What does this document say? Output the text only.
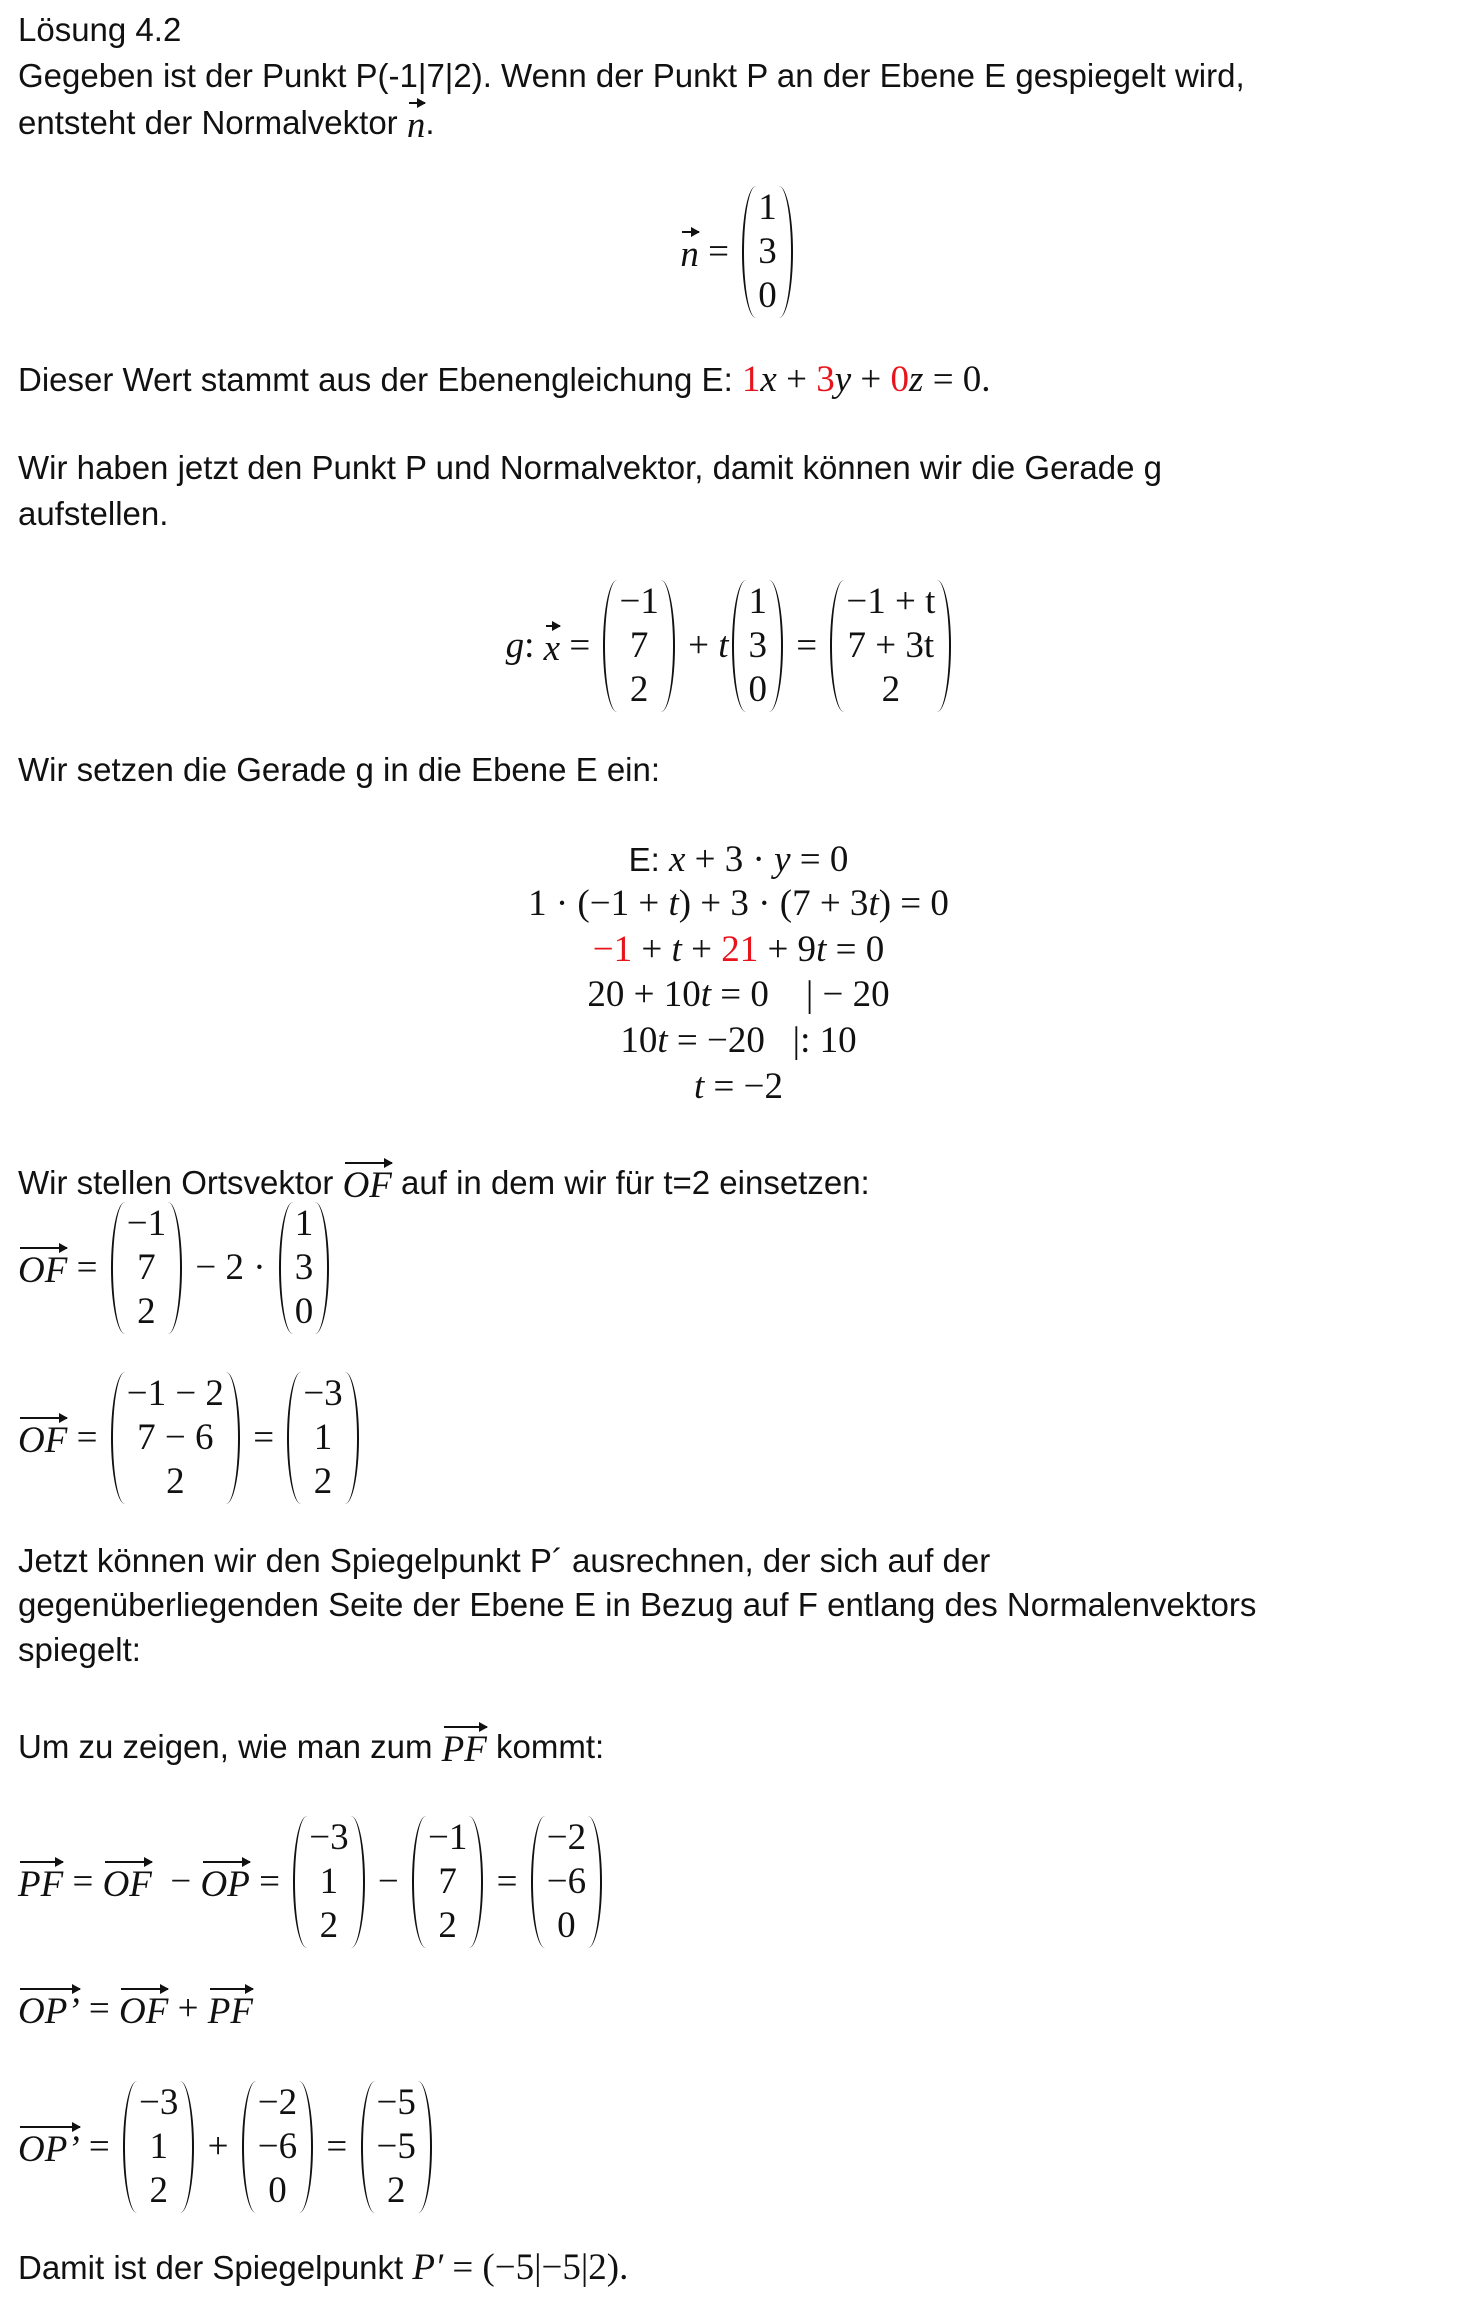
Lösung 4.2
Gegeben ist der Punkt P(-1|7|2). Wenn der Punkt P an der Ebene E gespiegelt wird,
entsteht der Normalvektor n .
n =
1
3
0
Dieser Wert stammt aus der Ebenengleichung E: 1 x + 3 y + 0 z = 0.
Wir haben jetzt den Punkt P und Normalvektor, damit können wir die Gerade g
aufstellen.
g : x =
−1
7
2
+ t
1
3
0
=
−1 + t
7 + 3t
2
Wir setzen die Gerade g in die Ebene E ein:
E: x + 3 · y = 0
1 · (−1 + t ) + 3 · (7 + 3 t ) = 0
−1 + t + 21 + 9 t = 0
20 + 10 t = 0    | − 20
10 t = −20   |: 10
t = −2
Wir stellen Ortsvektor OF auf in dem wir für t=2 einsetzen:
OF =
−1
7
2
− 2 ·
1
3
0
OF =
−1 − 2
7 − 6
2
=
−3
1
2
Jetzt können wir den Spiegelpunkt P´ ausrechnen, der sich auf der
gegenüberliegenden Seite der Ebene E in Bezug auf F entlang des Normalenvektors
spiegelt:
Um zu zeigen, wie man zum PF kommt:
PF = OF − OP =
−3
1
2
−
−1
7
2
=
−2
−6
0
OP’ = OF + PF
OP’ =
−3
1
2
+
−2
−6
0
=
−5
−5
2
Damit ist der Spiegelpunkt P′ = (−5|−5|2).
